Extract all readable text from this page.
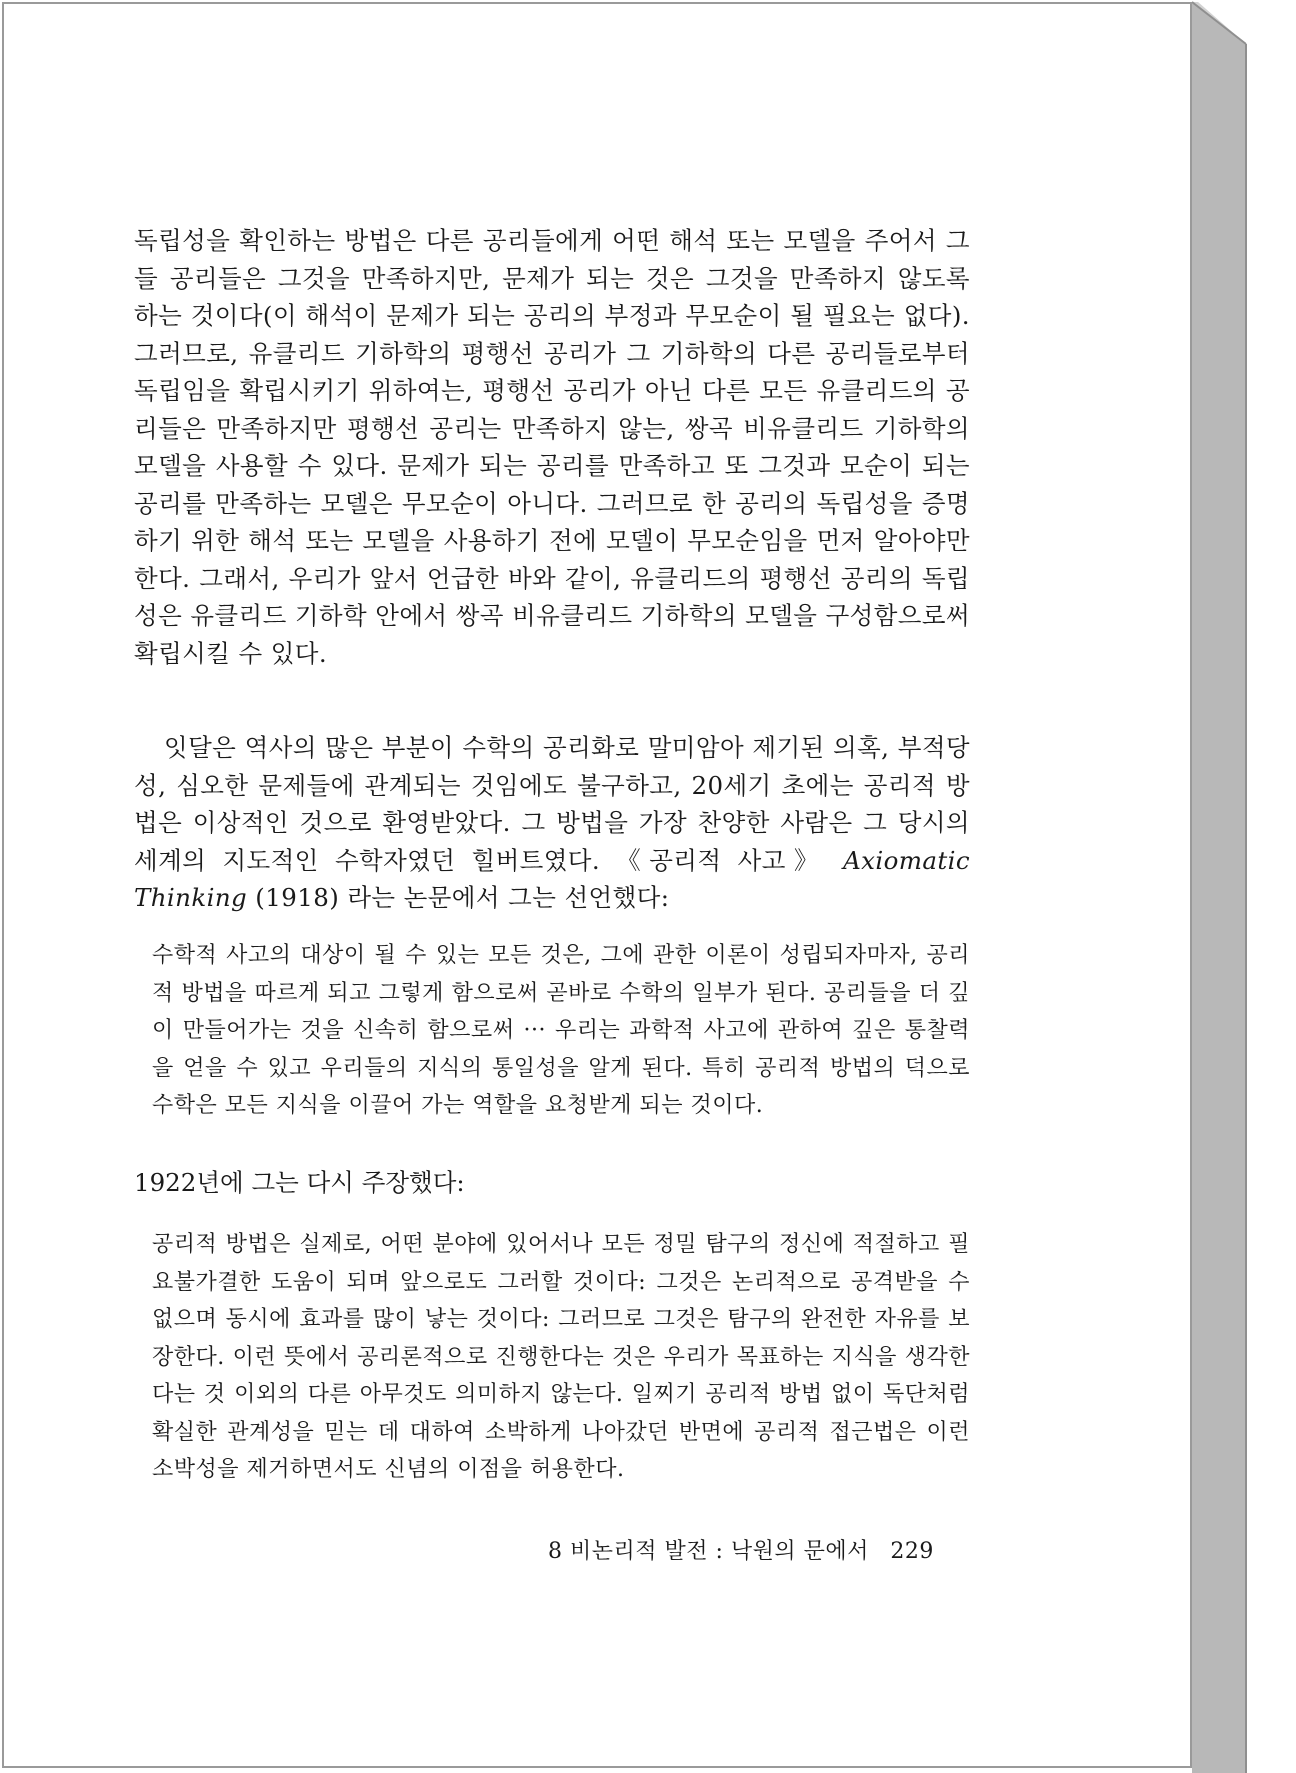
독립성을 확인하는 방법은 다른 공리들에게 어떤 해석 또는 모델을 주어서 그들 공리들은 그것을 만족하지만, 문제가 되는 것은 그것을 만족하지 않도록 하는 것이다(이 해석이 문제가 되는 공리의 부정과 무모순이 될 필요는 없다). 그러므로, 유클리드 기하학의 평행선 공리가 그 기하학의 다른 공리들로부터 독립임을 확립시키기 위하여는, 평행선 공리가 아닌 다른 모든 유클리드의 공리들은 만족하지만 평행선 공리는 만족하지 않는, 쌍곡 비유클리드 기하학의 모델을 사용할 수 있다. 문제가 되는 공리를 만족하고 또 그것과 모순이 되는 공리를 만족하는 모델은 무모순이 아니다. 그러므로 한 공리의 독립성을 증명하기 위한 해석 또는 모델을 사용하기 전에 모델이 무모순임을 먼저 알아야만 한다. 그래서, 우리가 앞서 언급한 바와 같이, 유클리드의 평행선 공리의 독립성은 유클리드 기하학 안에서 쌍곡 비유클리드 기하학의 모델을 구성함으로써 확립시킬 수 있다.

잇달은 역사의 많은 부분이 수학의 공리화로 말미암아 제기된 의혹, 부적당성, 심오한 문제들에 관계되는 것임에도 불구하고, 20세기 초에는 공리적 방법은 이상적인 것으로 환영받았다. 그 방법을 가장 찬양한 사람은 그 당시의 세계의 지도적인 수학자였던 힐버트였다. 《공리적 사고》 Axiomatic Thinking (1918) 라는 논문에서 그는 선언했다:

수학적 사고의 대상이 될 수 있는 모든 것은, 그에 관한 이론이 성립되자마자, 공리적 방법을 따르게 되고 그렇게 함으로써 곧바로 수학의 일부가 된다. 공리들을 더 깊이 만들어가는 것을 신속히 함으로써 ··· 우리는 과학적 사고에 관하여 깊은 통찰력을 얻을 수 있고 우리들의 지식의 통일성을 알게 된다. 특히 공리적 방법의 덕으로 수학은 모든 지식을 이끌어 가는 역할을 요청받게 되는 것이다.

1922년에 그는 다시 주장했다:

공리적 방법은 실제로, 어떤 분야에 있어서나 모든 정밀 탐구의 정신에 적절하고 필요불가결한 도움이 되며 앞으로도 그러할 것이다: 그것은 논리적으로 공격받을 수 없으며 동시에 효과를 많이 낳는 것이다: 그러므로 그것은 탐구의 완전한 자유를 보장한다. 이런 뜻에서 공리론적으로 진행한다는 것은 우리가 목표하는 지식을 생각한다는 것 이외의 다른 아무것도 의미하지 않는다. 일찌기 공리적 방법 없이 독단처럼 확실한 관계성을 믿는 데 대하여 소박하게 나아갔던 반면에 공리적 접근법은 이런 소박성을 제거하면서도 신념의 이점을 허용한다.

8 비논리적 발전 : 낙원의 문에서 229
